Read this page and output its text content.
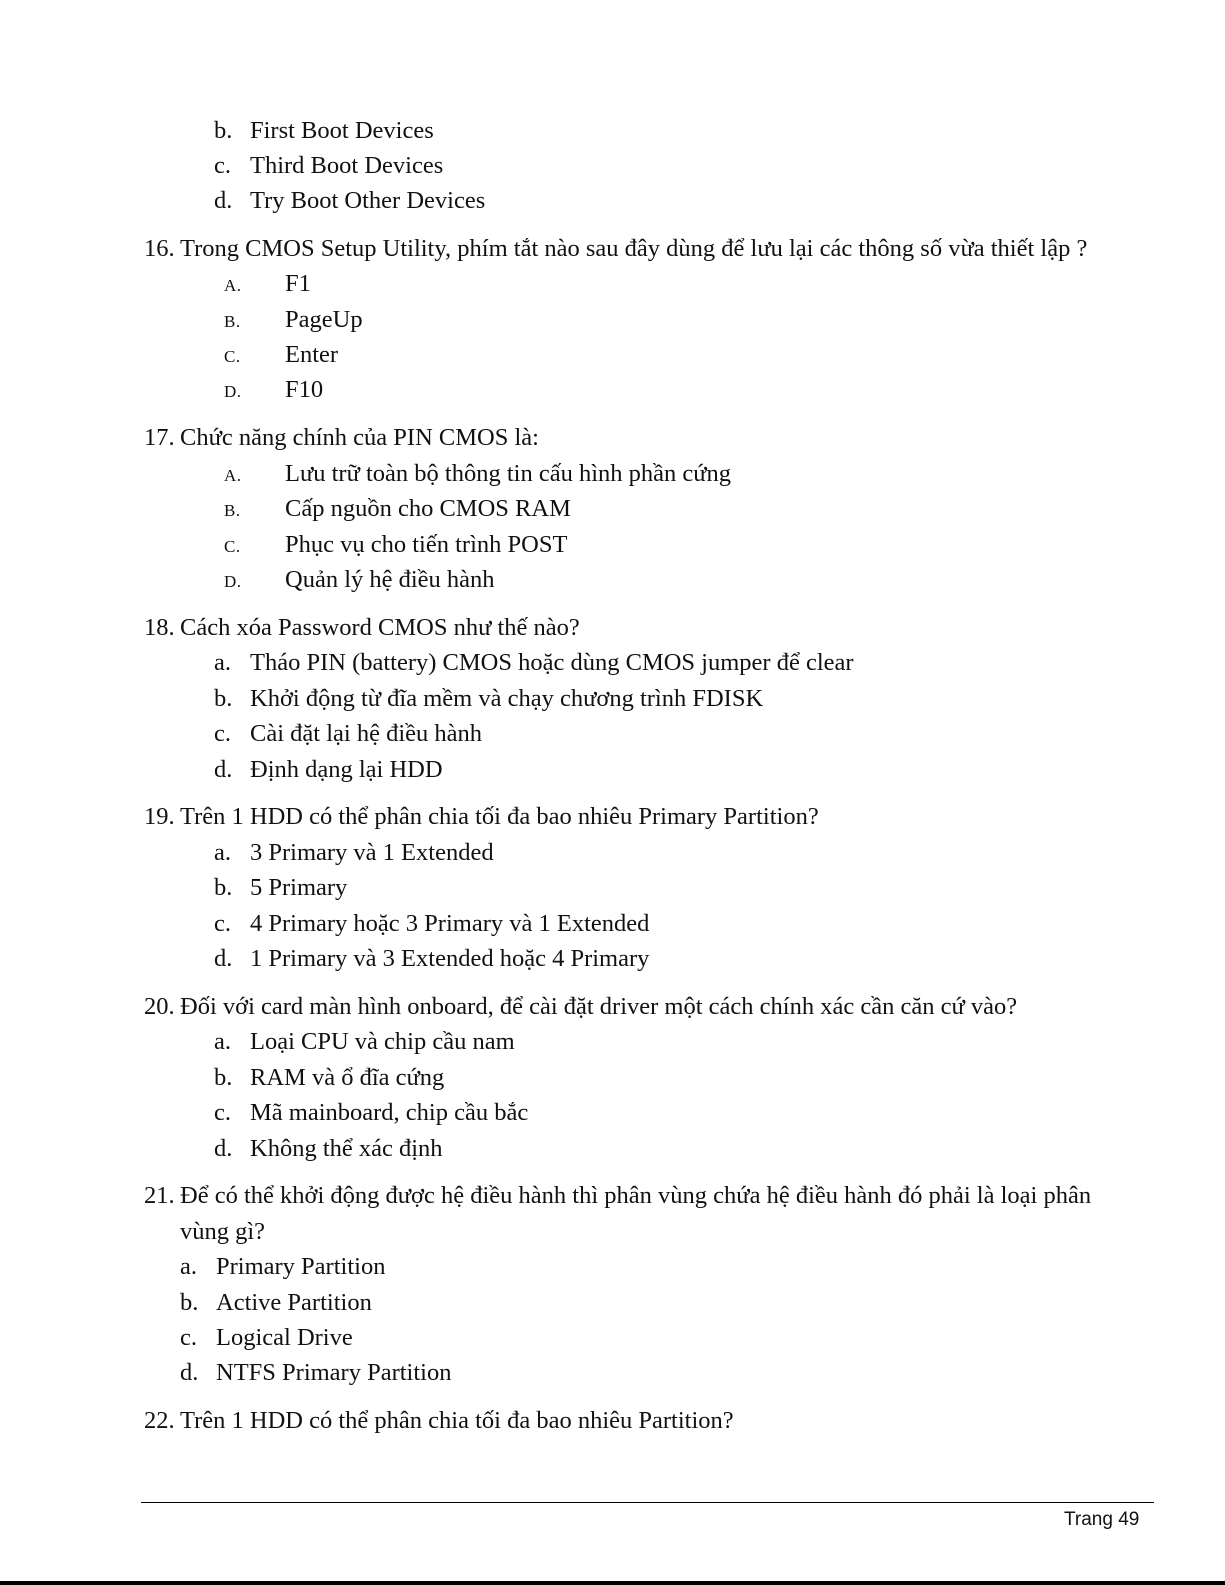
b. First Boot Devices
c. Third Boot Devices
d. Try Boot Other Devices
16. Trong CMOS Setup Utility, phím tắt nào sau đây dùng để lưu lại các thông số vừa thiết lập ?
A. F1
B. PageUp
C. Enter
D. F10
17. Chức năng chính của PIN CMOS là:
A. Lưu trữ toàn bộ thông tin cấu hình phần cứng
B. Cấp nguồn cho CMOS RAM
C. Phục vụ cho tiến trình POST
D. Quản lý hệ điều hành
18. Cách xóa Password CMOS như thế nào?
a. Tháo PIN (battery) CMOS hoặc dùng CMOS jumper để clear
b. Khởi động từ đĩa mềm và chạy chương trình FDISK
c. Cài đặt lại hệ điều hành
d. Định dạng lại HDD
19. Trên 1 HDD có thể phân chia tối đa bao nhiêu Primary Partition?
a. 3 Primary và 1 Extended
b. 5 Primary
c. 4 Primary hoặc 3 Primary và 1 Extended
d. 1 Primary và 3 Extended hoặc 4 Primary
20. Đối với card màn hình onboard, để cài đặt driver một cách chính xác cần căn cứ vào?
a. Loại CPU và chip cầu nam
b. RAM và ổ đĩa cứng
c. Mã mainboard, chip cầu bắc
d. Không thể xác định
21. Để có thể khởi động được hệ điều hành thì phân vùng chứa hệ điều hành đó phải là loại phân
vùng gì?
a. Primary Partition
b. Active Partition
c. Logical Drive
d. NTFS Primary Partition
22. Trên 1 HDD có thể phân chia tối đa bao nhiêu Partition?
Trang 49
